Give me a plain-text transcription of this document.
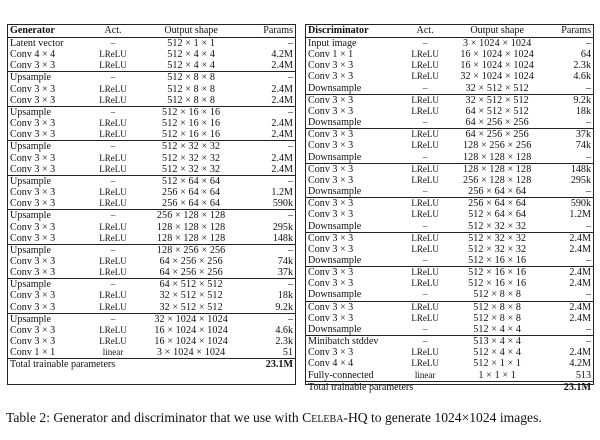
Generator	Act.	Output shape	Params
Latent vector	–	512 × 1 × 1	–
Conv 4 × 4	LReLU	512 × 4 × 4	4.2M
Conv 3 × 3	LReLU	512 × 4 × 4	2.4M
Upsample	–	512 × 8 × 8	–
Conv 3 × 3	LReLU	512 × 8 × 8	2.4M
Conv 3 × 3	LReLU	512 × 8 × 8	2.4M
Upsample	–	512 × 16 × 16	–
Conv 3 × 3	LReLU	512 × 16 × 16	2.4M
Conv 3 × 3	LReLU	512 × 16 × 16	2.4M
Upsample	–	512 × 32 × 32	–
Conv 3 × 3	LReLU	512 × 32 × 32	2.4M
Conv 3 × 3	LReLU	512 × 32 × 32	2.4M
Upsample	–	512 × 64 × 64	–
Conv 3 × 3	LReLU	256 × 64 × 64	1.2M
Conv 3 × 3	LReLU	256 × 64 × 64	590k
Upsample	–	256 × 128 × 128	–
Conv 3 × 3	LReLU	128 × 128 × 128	295k
Conv 3 × 3	LReLU	128 × 128 × 128	148k
Upsample	–	128 × 256 × 256	–
Conv 3 × 3	LReLU	64 × 256 × 256	74k
Conv 3 × 3	LReLU	64 × 256 × 256	37k
Upsample	–	64 × 512 × 512	–
Conv 3 × 3	LReLU	32 × 512 × 512	18k
Conv 3 × 3	LReLU	32 × 512 × 512	9.2k
Upsample	–	32 × 1024 × 1024	–
Conv 3 × 3	LReLU	16 × 1024 × 1024	4.6k
Conv 3 × 3	LReLU	16 × 1024 × 1024	2.3k
Conv 1 × 1	linear	3 × 1024 × 1024	51
Total trainable parameters			23.1M
Discriminator	Act.	Output shape	Params
Input image	–	3 × 1024 × 1024	–
Conv 1 × 1	LReLU	16 × 1024 × 1024	64
Conv 3 × 3	LReLU	16 × 1024 × 1024	2.3k
Conv 3 × 3	LReLU	32 × 1024 × 1024	4.6k
Downsample	–	32 × 512 × 512	–
Conv 3 × 3	LReLU	32 × 512 × 512	9.2k
Conv 3 × 3	LReLU	64 × 512 × 512	18k
Downsample	–	64 × 256 × 256	–
Conv 3 × 3	LReLU	64 × 256 × 256	37k
Conv 3 × 3	LReLU	128 × 256 × 256	74k
Downsample	–	128 × 128 × 128	–
Conv 3 × 3	LReLU	128 × 128 × 128	148k
Conv 3 × 3	LReLU	256 × 128 × 128	295k
Downsample	–	256 × 64 × 64	–
Conv 3 × 3	LReLU	256 × 64 × 64	590k
Conv 3 × 3	LReLU	512 × 64 × 64	1.2M
Downsample	–	512 × 32 × 32	–
Conv 3 × 3	LReLU	512 × 32 × 32	2.4M
Conv 3 × 3	LReLU	512 × 32 × 32	2.4M
Downsample	–	512 × 16 × 16	–
Conv 3 × 3	LReLU	512 × 16 × 16	2.4M
Conv 3 × 3	LReLU	512 × 16 × 16	2.4M
Downsample	–	512 × 8 × 8	–
Conv 3 × 3	LReLU	512 × 8 × 8	2.4M
Conv 3 × 3	LReLU	512 × 8 × 8	2.4M
Downsample	–	512 × 4 × 4	–
Minibatch stddev	–	513 × 4 × 4	–
Conv 3 × 3	LReLU	512 × 4 × 4	2.4M
Conv 4 × 4	LReLU	512 × 1 × 1	4.2M
Fully-connected	linear	1 × 1 × 1	513
Total trainable parameters			23.1M
Table 2: Generator and discriminator that we use with Celeba-HQ to generate 1024×1024 images.
